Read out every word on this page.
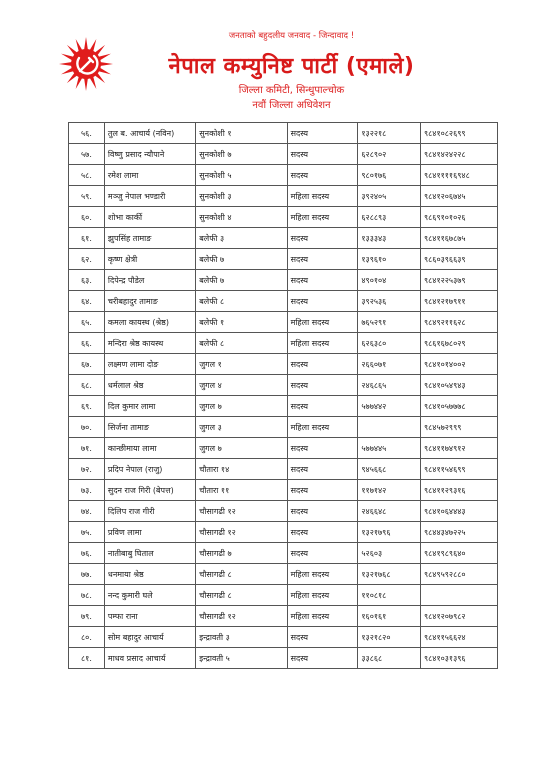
जनताको बहुदलीय जनवाद - जिन्दावाद !
नेपाल कम्युनिष्ट पार्टी (एमाले)
जिल्ला कमिटी, सिन्धुपाल्चोक
नवौं जिल्ला अधिवेशन
५६.	तुल ब. आचार्य (नविन)	सुनकोशी १	सदस्य	१३२२१८	९८४१०८२६९९
५७.	विष्णु प्रसाद न्यौपाने	सुनकोशी ७	सदस्य	६२८९०२	९८४१४२४२२८
५८.	रमेश लामा	सुनकोशी ५	सदस्य	९८०१७६	९८४११११६९४८
५९.	मञ्जु नेपाल भण्डारी	सुनकोशी ३	महिला सदस्य	३९२४०५	९८४१२०६७४५
६०.	शोभा कार्की	सुनकोशी ४	महिला सदस्य	६२८८९३	९८६९१०१०२६
६१.	झुपसिंह तामाङ	बलेफी ३	सदस्य	१३३३४३	९८४११६७८७५
६२.	कृष्ण क्षेत्री	बलेफी ७	सदस्य	१३९६१०	९८६०३९६६३९
६३.	दिपेन्द्र पौडेल	बलेफी ७	सदस्य	४९०१०४	९८४१२२५३७९
६४.	चरीबहादुर तामाङ	बलेफी ८	सदस्य	३९२५३६	९८४१२१७९११
६५.	कमला कायस्थ (श्रेष्ठ)	बलेफी १	महिला सदस्य	७६५२९१	९८४९२११६२८
६६.	मन्दिरा श्रेष्ठ कायस्थ	बलेफी ८	महिला सदस्य	६२६३८०	९८६१६७८०२९
६७.	लक्ष्मण लामा दोङ	जुगल १	सदस्य	२६६०७१	९८४१०१४००२
६८.	धर्मलाल श्रेष्ठ	जुगल ४	सदस्य	२४६८६५	९८४१०५४९४३
६९.	दिल कुमार लामा	जुगल ७	सदस्य	५७७४४२	९८४१०५७७७८
७०.	सिर्जना तामाङ	जुगल ३	महिला सदस्य		९८४५७२९९९
७१.	कान्छीमाया लामा	जुगल ७	सदस्य	५७७४४५	९८४११७४९१२
७२.	प्रदिप नेपाल (राजु)	चौतारा १४	सदस्य	९४५६६८	९८४११५४६९९
७३.	सुदन राज गिरी (बेपत्त)	चौतारा ११	सदस्य	११७१४२	९८४११२९३१६
७४.	दिलिप राज गीरी	चौसागढी १२	सदस्य	२४६६४८	९८४१०६४४४३
७५.	प्रविण लामा	चौसागढी १२	सदस्य	१३२१७९६	९८४४३४७२२५
७६.	नातीबाबु घिताल	चौसागढी ७	सदस्य	५२६०३	९८४१९८९६४०
७७.	धनमाया श्रेष्ठ	चौसागढी ८	महिला सदस्य	१३२१७६८	९८४९५९२८८०
७८.	नन्द कुमारी घले	चौसागढी ८	महिला सदस्य	११०८१८	
७९.	पम्फा राना	चौसागढी १२	महिला सदस्य	१६०१६१	९८४१२०७९८२
८०.	सोम बहादुर आचार्य	इन्द्रावती ३	सदस्य	१३२१८२०	९८४११५६६२४
८१.	माधव प्रसाद आचार्य	इन्द्रावती ५	सदस्य	३३८६८	९८४१०३१३९६
